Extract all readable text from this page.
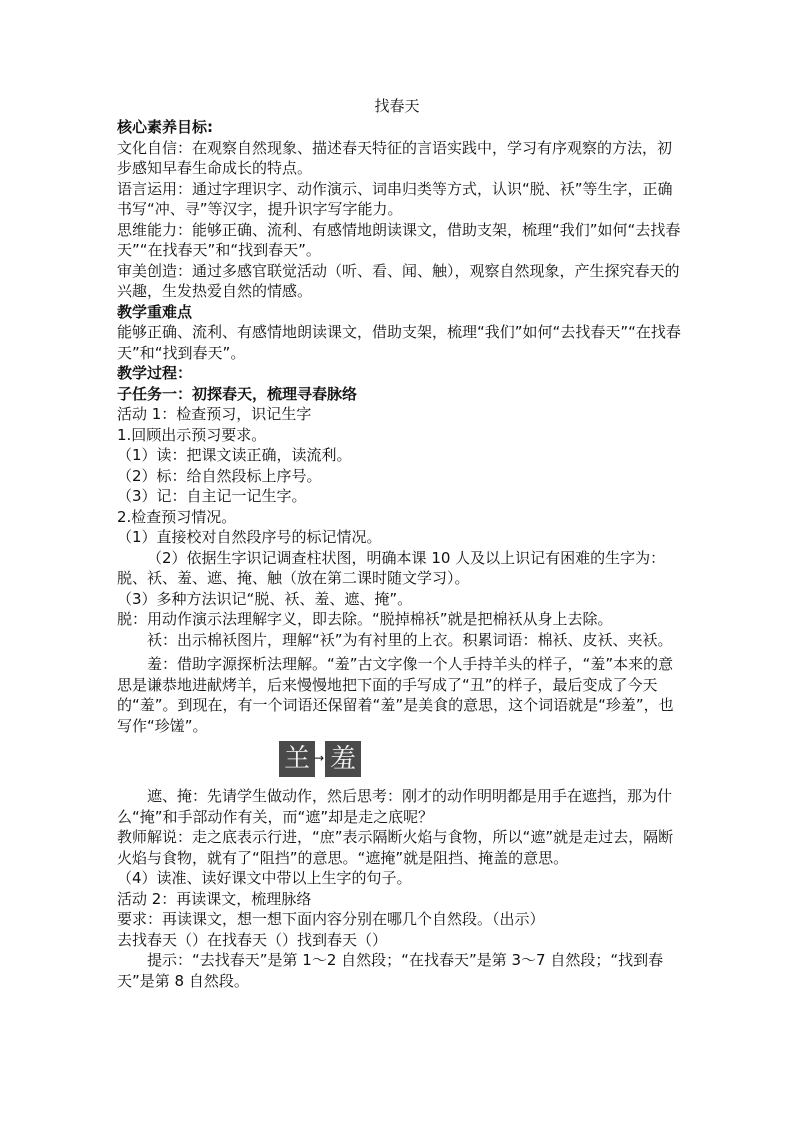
找春天

核心素养目标:

文化自信：在观察自然现象、描述春天特征的言语实践中，学习有序观察的方法，初步感知早春生命成长的特点。

语言运用：通过字理识字、动作演示、词串归类等方式，认识“脱、袄”等生字，正确书写“冲、寻”等汉字，提升识字写字能力。

思维能力：能够正确、流利、有感情地朗读课文，借助支架，梳理“我们”如何“去找春天”“在找春天”和“找到春天”。

审美创造：通过多感官联觉活动（听、看、闻、触），观察自然现象，产生探究春天的兴趣，生发热爱自然的情感。

教学重难点

能够正确、流利、有感情地朗读课文，借助支架，梳理“我们”如何“去找春天”“在找春天”和“找到春天”。

教学过程：

子任务一：初探春天，梳理寻春脉络

活动 1：检查预习，识记生字

1.回顾出示预习要求。

（1）读：把课文读正确，读流利。

（2）标：给自然段标上序号。

（3）记：自主记一记生字。

2.检查预习情况。

（1）直接校对自然段序号的标记情况。

（2）依据生字识记调查柱状图，明确本课 10 人及以上识记有困难的生字为：脱、袄、羞、遮、掩、触（放在第二课时随文学习）。

（3）多种方法识记“脱、袄、羞、遮、掩”。

脱：用动作演示法理解字义，即去除。“脱掉棉袄”就是把棉袄从身上去除。

袄：出示棉袄图片，理解“袄”为有衬里的上衣。积累词语：棉袄、皮袄、夹袄。

羞：借助字源探析法理解。“羞”古文字像一个人手持羊头的样子，“羞”本来的意思是谦恭地进献烤羊，后来慢慢地把下面的手写成了“丑”的样子，最后变成了今天的“羞”。到现在，有一个词语还保留着“羞”是美食的意思，这个词语就是“珍羞”，也写作“珍馐”。

𦍌 → 羞

遮、掩：先请学生做动作，然后思考：刚才的动作明明都是用手在遮挡，那为什么“掩”和手部动作有关，而“遮”却是走之底呢？

教师解说：走之底表示行进，“庶”表示隔断火焰与食物，所以“遮”就是走过去，隔断火焰与食物，就有了“阻挡”的意思。“遮掩”就是阻挡、掩盖的意思。

（4）读准、读好课文中带以上生字的句子。

活动 2：再读课文，梳理脉络

要求：再读课文，想一想下面内容分别在哪几个自然段。（出示）

去找春天（）在找春天（）找到春天（）

提示：“去找春天”是第 1～2 自然段；“在找春天”是第 3～7 自然段；“找到春天”是第 8 自然段。
